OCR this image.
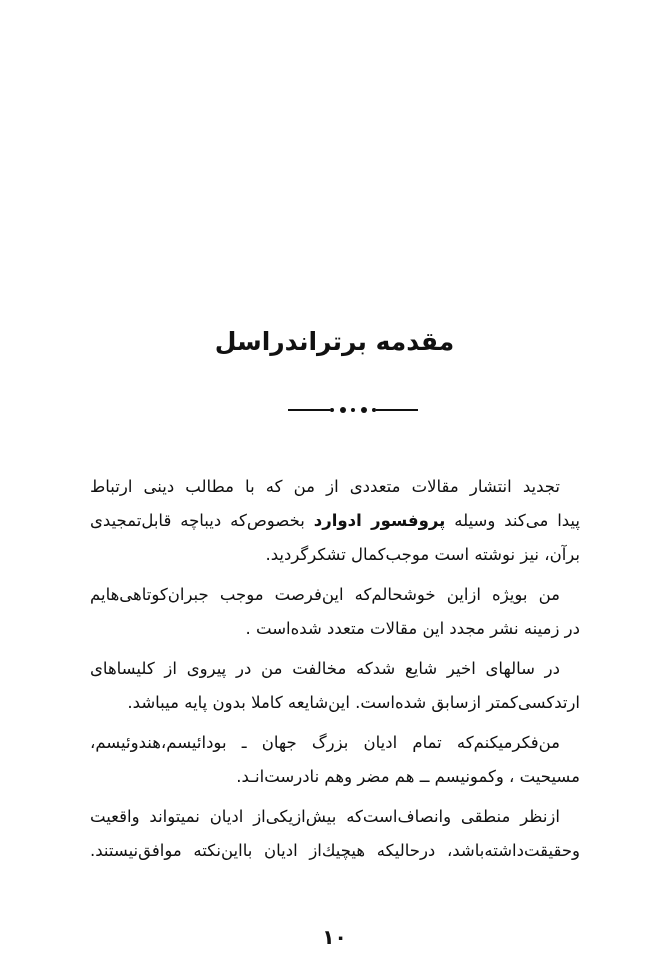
مقدمه برتراندراسل
تجدید انتشار مقالات متعددی از من که با مطالب دینی ارتباط
پیدا می‌کند وسیله پروفسور ادوارد بخصوص‌که دیباچه قابل‌تمجیدی
برآن، نیز نوشته است موجب‌کمال تشکرگردید.
من بویژه ازاین خوشحالم‌که این‌فرصت موجب جبران‌کوتاهی‌هایم
در زمینه نشر مجدد این مقالات متعدد شده‌است .
در سالهای اخیر شایع شدکه مخالفت من در پیروی از کلیساهای
ارتدکسی‌کمتر ازسابق شده‌است. این‌شایعه کاملا بدون پایه میباشد.
من‌فکرمیکنم‌که تمام ادیان بزرگ جهان ـ بودائیسم،هندوئیسم،
مسیحیت ، وکمونیسم ــ هم مضر وهم نادرست‌انـد.
ازنظر منطقی وانصاف‌است‌که بیش‌ازیکی‌از ادیان نمیتواند واقعیت
وحقیقت‌داشته‌باشد، درحالیکه هیچیك‌از ادیان بااین‌نکته موافق‌نیستند.
۱۰
